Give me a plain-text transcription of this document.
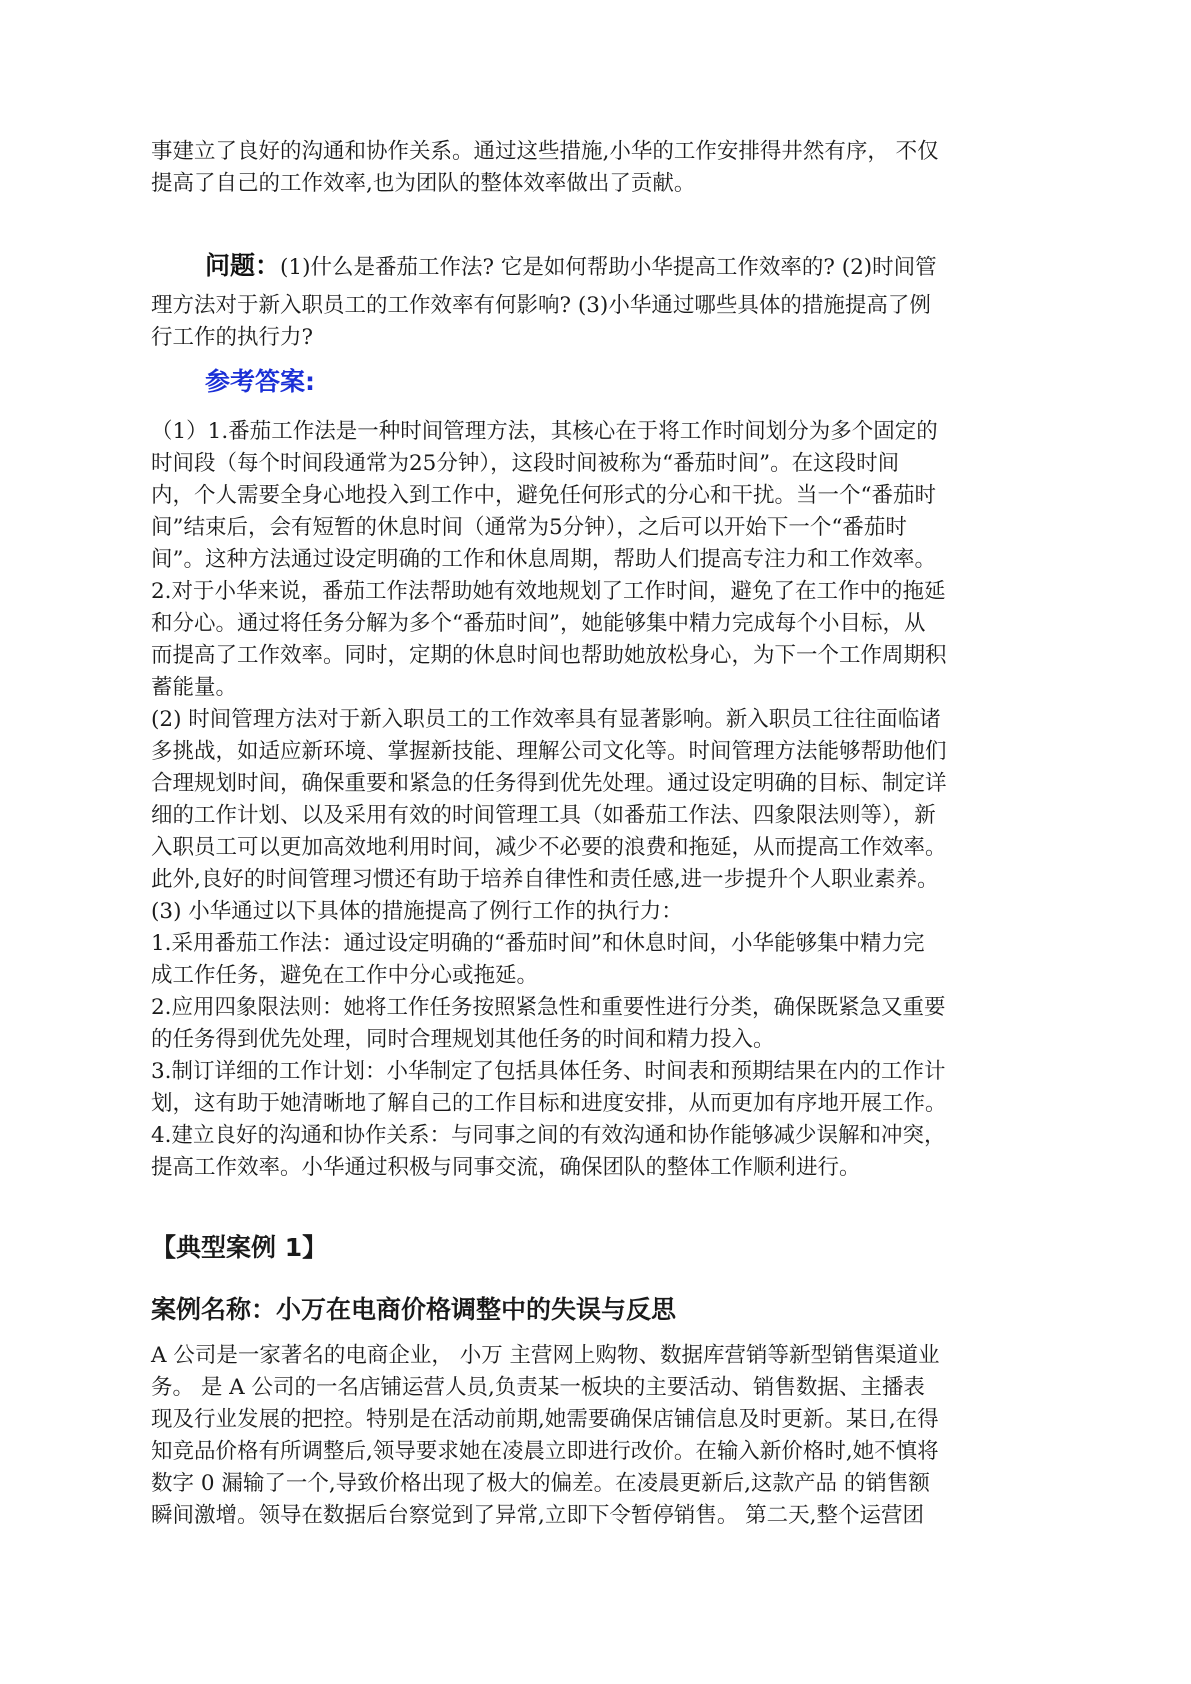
事建立了良好的沟通和协作关系。通过这些措施,小华的工作安排得井然有序， 不仅
提高了自己的工作效率,也为团队的整体效率做出了贡献。

问题：(1)什么是番茄工作法? 它是如何帮助小华提高工作效率的? (2)时间管
理方法对于新入职员工的工作效率有何影响? (3)小华通过哪些具体的措施提高了例
行工作的执行力?

参考答案:

（1）1.番茄工作法是一种时间管理方法，其核心在于将工作时间划分为多个固定的
时间段（每个时间段通常为25分钟），这段时间被称为“番茄时间”。在这段时间
内，个人需要全身心地投入到工作中，避免任何形式的分心和干扰。当一个“番茄时
间”结束后，会有短暂的休息时间（通常为5分钟），之后可以开始下一个“番茄时
间”。这种方法通过设定明确的工作和休息周期，帮助人们提高专注力和工作效率。
2.对于小华来说，番茄工作法帮助她有效地规划了工作时间，避免了在工作中的拖延
和分心。通过将任务分解为多个“番茄时间”，她能够集中精力完成每个小目标，从
而提高了工作效率。同时，定期的休息时间也帮助她放松身心，为下一个工作周期积
蓄能量。
(2) 时间管理方法对于新入职员工的工作效率具有显著影响。新入职员工往往面临诸
多挑战，如适应新环境、掌握新技能、理解公司文化等。时间管理方法能够帮助他们
合理规划时间，确保重要和紧急的任务得到优先处理。通过设定明确的目标、制定详
细的工作计划、以及采用有效的时间管理工具（如番茄工作法、四象限法则等），新
入职员工可以更加高效地利用时间，减少不必要的浪费和拖延，从而提高工作效率。
此外,良好的时间管理习惯还有助于培养自律性和责任感,进一步提升个人职业素养。
(3) 小华通过以下具体的措施提高了例行工作的执行力：
1.采用番茄工作法：通过设定明确的“番茄时间”和休息时间，小华能够集中精力完
成工作任务，避免在工作中分心或拖延。
2.应用四象限法则：她将工作任务按照紧急性和重要性进行分类，确保既紧急又重要
的任务得到优先处理，同时合理规划其他任务的时间和精力投入。
3.制订详细的工作计划：小华制定了包括具体任务、时间表和预期结果在内的工作计
划，这有助于她清晰地了解自己的工作目标和进度安排，从而更加有序地开展工作。
4.建立良好的沟通和协作关系：与同事之间的有效沟通和协作能够减少误解和冲突，
提高工作效率。小华通过积极与同事交流，确保团队的整体工作顺利进行。

【典型案例 1】
案例名称：小万在电商价格调整中的失误与反思

A 公司是一家著名的电商企业， 小万 主营网上购物、数据库营销等新型销售渠道业
务。 是 A 公司的一名店铺运营人员,负责某一板块的主要活动、销售数据、主播表
现及行业发展的把控。特别是在活动前期,她需要确保店铺信息及时更新。某日,在得
知竞品价格有所调整后,领导要求她在凌晨立即进行改价。在输入新价格时,她不慎将
数字 0 漏输了一个,导致价格出现了极大的偏差。在凌晨更新后,这款产品 的销售额
瞬间激增。领导在数据后台察觉到了异常,立即下令暂停销售。 第二天,整个运营团
